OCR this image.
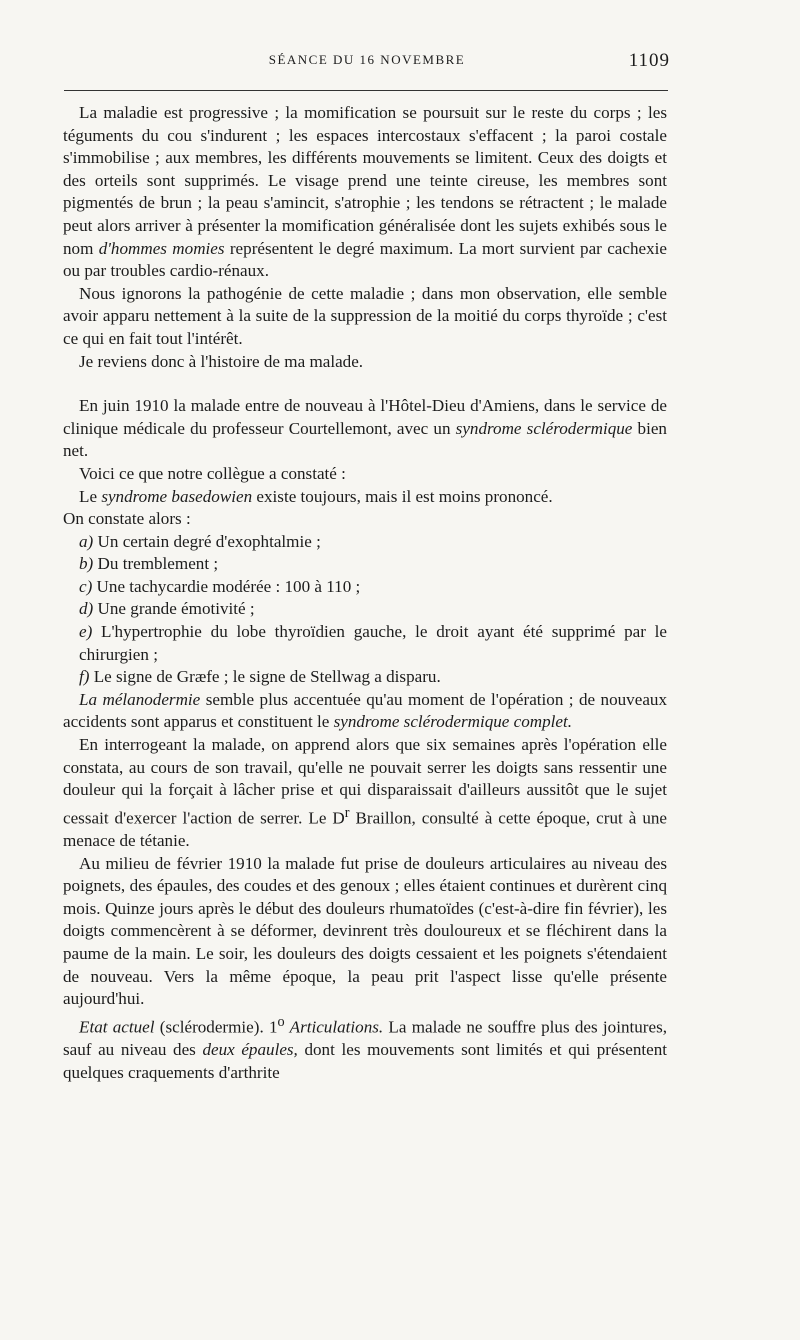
SÉANCE DU 16 NOVEMBRE	1109

La maladie est progressive ; la momification se poursuit sur le reste du corps ; les téguments du cou s'indurent ; les espaces intercostaux s'effacent ; la paroi costale s'immobilise ; aux membres, les différents mouvements se limitent. Ceux des doigts et des orteils sont supprimés. Le visage prend une teinte cireuse, les membres sont pigmentés de brun ; la peau s'amincit, s'atrophie ; les tendons se rétractent ; le malade peut alors arriver à présenter la momification généralisée dont les sujets exhibés sous le nom d'hommes momies représentent le degré maximum. La mort survient par cachexie ou par troubles cardio-rénaux.

Nous ignorons la pathogénie de cette maladie ; dans mon observation, elle semble avoir apparu nettement à la suite de la suppression de la moitié du corps thyroïde ; c'est ce qui en fait tout l'intérêt.

Je reviens donc à l'histoire de ma malade.

En juin 1910 la malade entre de nouveau à l'Hôtel-Dieu d'Amiens, dans le service de clinique médicale du professeur Courtellemont, avec un syndrome sclérodermique bien net.

Voici ce que notre collègue a constaté :

Le syndrome basedowien existe toujours, mais il est moins prononcé.

On constate alors :

a) Un certain degré d'exophtalmie ;

b) Du tremblement ;

c) Une tachycardie modérée : 100 à 110 ;

d) Une grande émotivité ;

e) L'hypertrophie du lobe thyroïdien gauche, le droit ayant été supprimé par le chirurgien ;

f) Le signe de Græfe ; le signe de Stellwag a disparu.

La mélanodermie semble plus accentuée qu'au moment de l'opération ; de nouveaux accidents sont apparus et constituent le syndrome sclérodermique complet.

En interrogeant la malade, on apprend alors que six semaines après l'opération elle constata, au cours de son travail, qu'elle ne pouvait serrer les doigts sans ressentir une douleur qui la forçait à lâcher prise et qui disparaissait d'ailleurs aussitôt que le sujet cessait d'exercer l'action de serrer. Le $D^r$ Braillon, consulté à cette époque, crut à une menace de tétanie.

Au milieu de février 1910 la malade fut prise de douleurs articulaires au niveau des poignets, des épaules, des coudes et des genoux ; elles étaient continues et durèrent cinq mois. Quinze jours après le début des douleurs rhumatoïdes (c'est-à-dire fin février), les doigts commencèrent à se déformer, devinrent très douloureux et se fléchirent dans la paume de la main. Le soir, les douleurs des doigts cessaient et les poignets s'étendaient de nouveau. Vers la même époque, la peau prit l'aspect lisse qu'elle présente aujourd'hui.

Etat actuel (sclérodermie). 1$^o$ Articulations. La malade ne souffre plus des jointures, sauf au niveau des deux épaules, dont les mouvements sont limités et qui présentent quelques craquements d'arthrite
